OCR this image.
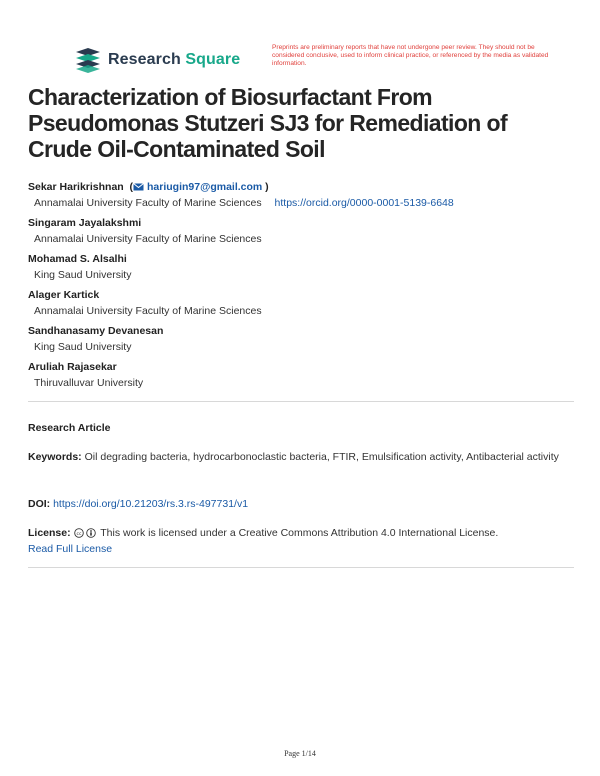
Research Square
Preprints are preliminary reports that have not undergone peer review. They should not be considered conclusive, used to inform clinical practice, or referenced by the media as validated information.
Characterization of Biosurfactant From Pseudomonas Stutzeri SJ3 for Remediation of Crude Oil-Contaminated Soil
Sekar Harikrishnan  ( hariugin97@gmail.com )
Annamalai University Faculty of Marine Sciences https://orcid.org/0000-0001-5139-6648
Singaram Jayalakshmi
Annamalai University Faculty of Marine Sciences
Mohamad S. Alsalhi
King Saud University
Alager Kartick
Annamalai University Faculty of Marine Sciences
Sandhanasamy Devanesan
King Saud University
Aruliah Rajasekar
Thiruvalluvar University
Research Article
Keywords: Oil degrading bacteria, hydrocarbonoclastic bacteria, FTIR, Emulsification activity, Antibacterial activity
DOI: https://doi.org/10.21203/rs.3.rs-497731/v1
License: cc This work is licensed under a Creative Commons Attribution 4.0 International License.
Read Full License
Page 1/14
